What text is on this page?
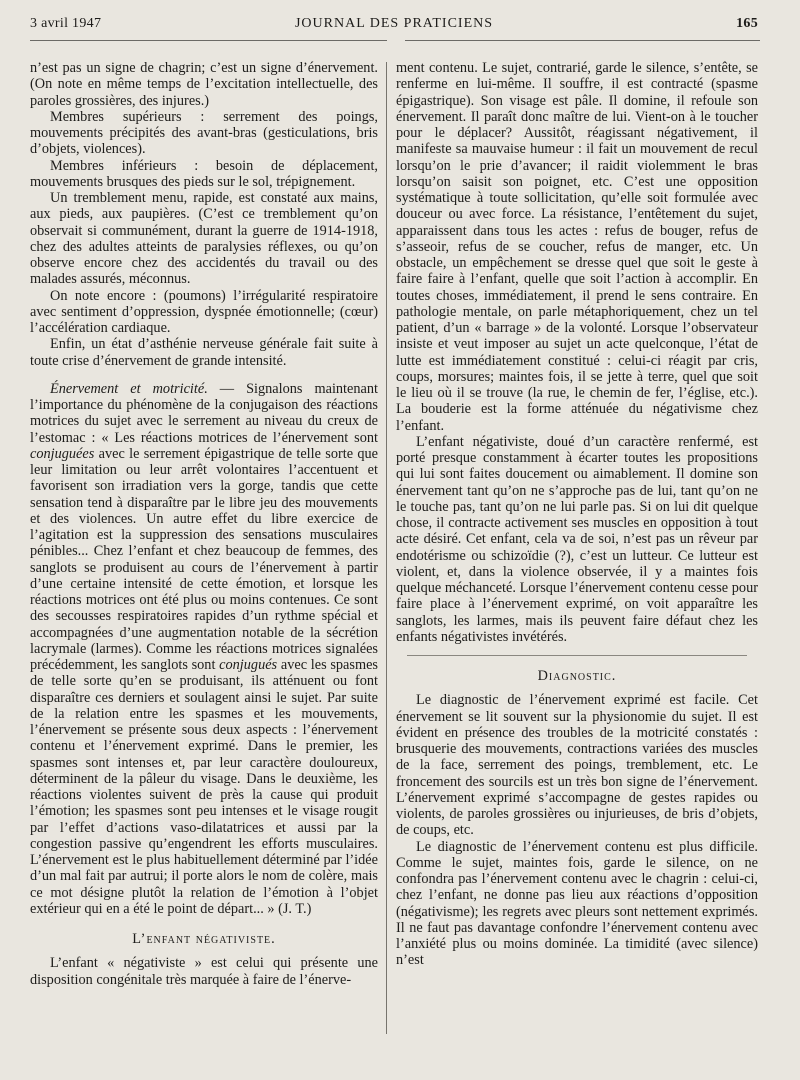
3 avril 1947	JOURNAL DES PRATICIENS	165

n’est pas un signe de chagrin; c’est un signe d’énervement. (On note en même temps de l’excitation intellectuelle, des paroles grossières, des injures.)

Membres supérieurs : serrement des poings, mouvements précipités des avant-bras (gesticulations, bris d’objets, violences).

Membres inférieurs : besoin de déplacement, mouvements brusques des pieds sur le sol, trépignement.

Un tremblement menu, rapide, est constaté aux mains, aux pieds, aux paupières. (C’est ce tremblement qu’on observait si communément, durant la guerre de 1914-1918, chez des adultes atteints de paralysies réflexes, ou qu’on observe encore chez des accidentés du travail ou des malades assurés, méconnus.

On note encore : (poumons) l’irrégularité respiratoire avec sentiment d’oppression, dyspnée émotionnelle; (cœur) l’accélération cardiaque.

Enfin, un état d’asthénie nerveuse générale fait suite à toute crise d’énervement de grande intensité.

Énervement et motricité. — Signalons maintenant l’importance du phénomène de la conjugaison des réactions motrices du sujet avec le serrement au niveau du creux de l’estomac : « Les réactions motrices de l’énervement sont conjuguées avec le serrement épigastrique de telle sorte que leur limitation ou leur arrêt volontaires l’accentuent et favorisent son irradiation vers la gorge, tandis que cette sensation tend à disparaître par le libre jeu des mouvements et des violences. Un autre effet du libre exercice de l’agitation est la suppression des sensations musculaires pénibles... Chez l’enfant et chez beaucoup de femmes, des sanglots se produisent au cours de l’énervement à partir d’une certaine intensité de cette émotion, et lorsque les réactions motrices ont été plus ou moins contenues. Ce sont des secousses respiratoires rapides d’un rythme spécial et accompagnées d’une augmentation notable de la sécrétion lacrymale (larmes). Comme les réactions motrices signalées précédemment, les sanglots sont conjugués avec les spasmes de telle sorte qu’en se produisant, ils atténuent ou font disparaître ces derniers et soulagent ainsi le sujet. Par suite de la relation entre les spasmes et les mouvements, l’énervement se présente sous deux aspects : l’énervement contenu et l’énervement exprimé. Dans le premier, les spasmes sont intenses et, par leur caractère douloureux, déterminent de la pâleur du visage. Dans le deuxième, les réactions violentes suivent de près la cause qui produit l’émotion; les spasmes sont peu intenses et le visage rougit par l’effet d’actions vaso-dilatatrices et aussi par la congestion passive qu’engendrent les efforts musculaires. L’énervement est le plus habituellement déterminé par l’idée d’un mal fait par autrui; il porte alors le nom de colère, mais ce mot désigne plutôt la relation de l’émotion à l’objet extérieur qui en a été le point de départ... » (J. T.)

L’enfant négativiste.

L’enfant « négativiste » est celui qui présente une disposition congénitale très marquée à faire de l’énerve-

ment contenu. Le sujet, contrarié, garde le silence, s’entête, se renferme en lui-même. Il souffre, il est contracté (spasme épigastrique). Son visage est pâle. Il domine, il refoule son énervement. Il paraît donc maître de lui. Vient-on à le toucher pour le déplacer? Aussitôt, réagissant négativement, il manifeste sa mauvaise humeur : il fait un mouvement de recul lorsqu’on le prie d’avancer; il raidit violemment le bras lorsqu’on saisit son poignet, etc. C’est une opposition systématique à toute sollicitation, qu’elle soit formulée avec douceur ou avec force. La résistance, l’entêtement du sujet, apparaissent dans tous les actes : refus de bouger, refus de s’asseoir, refus de se coucher, refus de manger, etc. Un obstacle, un empêchement se dresse quel que soit le geste à faire faire à l’enfant, quelle que soit l’action à accomplir. En toutes choses, immédiatement, il prend le sens contraire. En pathologie mentale, on parle métaphoriquement, chez un tel patient, d’un « barrage » de la volonté. Lorsque l’observateur insiste et veut imposer au sujet un acte quelconque, l’état de lutte est immédiatement constitué : celui-ci réagit par cris, coups, morsures; maintes fois, il se jette à terre, quel que soit le lieu où il se trouve (la rue, le chemin de fer, l’église, etc.). La bouderie est la forme atténuée du négativisme chez l’enfant.

L’enfant négativiste, doué d’un caractère renfermé, est porté presque constamment à écarter toutes les propositions qui lui sont faites doucement ou aimablement. Il domine son énervement tant qu’on ne s’approche pas de lui, tant qu’on ne le touche pas, tant qu’on ne lui parle pas. Si on lui dit quelque chose, il contracte activement ses muscles en opposition à tout acte désiré. Cet enfant, cela va de soi, n’est pas un rêveur par endotérisme ou schizoïdie (?), c’est un lutteur. Ce lutteur est violent, et, dans la violence observée, il y a maintes fois quelque méchanceté. Lorsque l’énervement contenu cesse pour faire place à l’énervement exprimé, on voit apparaître les sanglots, les larmes, mais ils peuvent faire défaut chez les enfants négativistes invétérés.

Diagnostic.

Le diagnostic de l’énervement exprimé est facile. Cet énervement se lit souvent sur la physionomie du sujet. Il est évident en présence des troubles de la motricité constatés : brusquerie des mouvements, contractions variées des muscles de la face, serrement des poings, tremblement, etc. Le froncement des sourcils est un très bon signe de l’énervement. L’énervement exprimé s’accompagne de gestes rapides ou violents, de paroles grossières ou injurieuses, de bris d’objets, de coups, etc.

Le diagnostic de l’énervement contenu est plus difficile. Comme le sujet, maintes fois, garde le silence, on ne confondra pas l’énervement contenu avec le chagrin : celui-ci, chez l’enfant, ne donne pas lieu aux réactions d’opposition (négativisme); les regrets avec pleurs sont nettement exprimés. Il ne faut pas davantage confondre l’énervement contenu avec l’anxiété plus ou moins dominée. La timidité (avec silence) n’est
